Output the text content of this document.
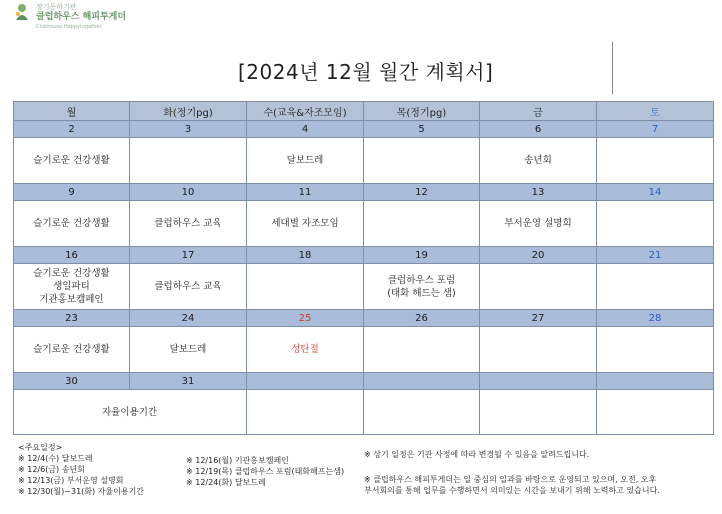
장기동하기관
클럽하우스 해피투게더
Clubhouse Happytogether
[2024년 12월 월간 계획서]
월	화(정기pg)	수(교육&자조모임)	목(정기pg)	금	토
2	3	4	5	6	7
슬기로운 건강생활		달보드레		송년회	
9	10	11	12	13	14
슬기로운 건강생활	클럽하우스 교육	세대별 자조모임		부서운영 설명회	
16	17	18	19	20	21
슬기로운 건강생활
생일파티
기관홍보캠페인	클럽하우스 교육		클럽하우스 포럼
(태화 해드는 샘)		
23	24	25	26	27	28
슬기로운 건강생활	달보드레	성탄절			
30	31				
자율이용기간					
<주요일정>
※ 12/4(수) 달보드레
※ 12/6(금) 송년회
※ 12/13(금) 부서운영 설명회
※ 12/30(월)~31(화) 자율이용기간
※ 12/16(월) 기관홍보캠페인
※ 12/19(목) 클럽하우스 포럼(태화해프는샘)
※ 12/24(화) 달보드레
※ 상기 일정은 기관 사정에 따라 변경될 수 있음을 알려드립니다.
※ 클럽하우스 해피투게더는 일 중심의 일과를 바탕으로 운영되고 있으며, 오전, 오후
부서회의를 통해 업무를 수행하면서 의미있는 시간을 보내기 위해 노력하고 있습니다.
